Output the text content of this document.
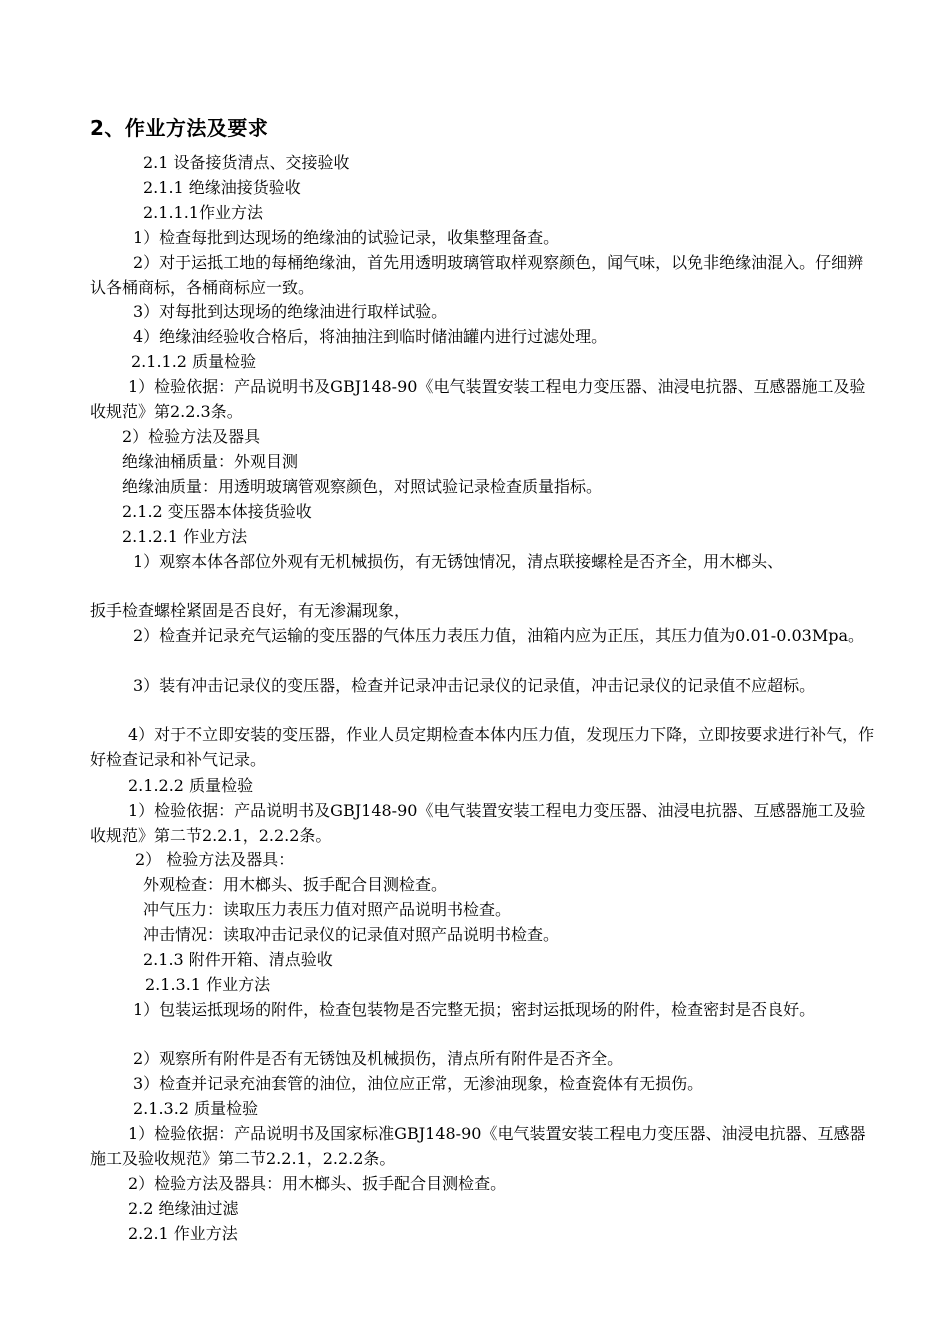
2、作业方法及要求
2.1 设备接货清点、交接验收
2.1.1 绝缘油接货验收
2.1.1.1作业方法
1）检查每批到达现场的绝缘油的试验记录，收集整理备查。
2）对于运抵工地的每桶绝缘油，首先用透明玻璃管取样观察颜色，闻气味，以免非绝缘油混入。仔细辨认各桶商标，各桶商标应一致。
3）对每批到达现场的绝缘油进行取样试验。
4）绝缘油经验收合格后，将油抽注到临时储油罐内进行过滤处理。
2.1.1.2 质量检验
1）检验依据：产品说明书及GBJ148-90《电气装置安装工程电力变压器、油浸电抗器、互感器施工及验收规范》第2.2.3条。
2）检验方法及器具
绝缘油桶质量：外观目测
绝缘油质量：用透明玻璃管观察颜色，对照试验记录检查质量指标。
2.1.2 变压器本体接货验收
2.1.2.1 作业方法
1）观察本体各部位外观有无机械损伤，有无锈蚀情况，清点联接螺栓是否齐全，用木榔头、
扳手检查螺栓紧固是否良好，有无渗漏现象，
2）检查并记录充气运输的变压器的气体压力表压力值，油箱内应为正压，其压力值为0.01-0.03Mpa。
3）装有冲击记录仪的变压器，检查并记录冲击记录仪的记录值，冲击记录仪的记录值不应超标。
4）对于不立即安装的变压器，作业人员定期检查本体内压力值，发现压力下降，立即按要求进行补气，作好检查记录和补气记录。
2.1.2.2 质量检验
1）检验依据：产品说明书及GBJ148-90《电气装置安装工程电力变压器、油浸电抗器、互感器施工及验收规范》第二节2.2.1，2.2.2条。
2） 检验方法及器具：
外观检查：用木榔头、扳手配合目测检查。
冲气压力：读取压力表压力值对照产品说明书检查。
冲击情况：读取冲击记录仪的记录值对照产品说明书检查。
2.1.3 附件开箱、清点验收
2.1.3.1 作业方法
1）包装运抵现场的附件，检查包装物是否完整无损；密封运抵现场的附件，检查密封是否良好。
2）观察所有附件是否有无锈蚀及机械损伤，清点所有附件是否齐全。
3）检查并记录充油套管的油位，油位应正常，无渗油现象，检查瓷体有无损伤。
2.1.3.2 质量检验
1）检验依据：产品说明书及国家标准GBJ148-90《电气装置安装工程电力变压器、油浸电抗器、互感器施工及验收规范》第二节2.2.1，2.2.2条。
2）检验方法及器具：用木榔头、扳手配合目测检查。
2.2 绝缘油过滤
2.2.1 作业方法
